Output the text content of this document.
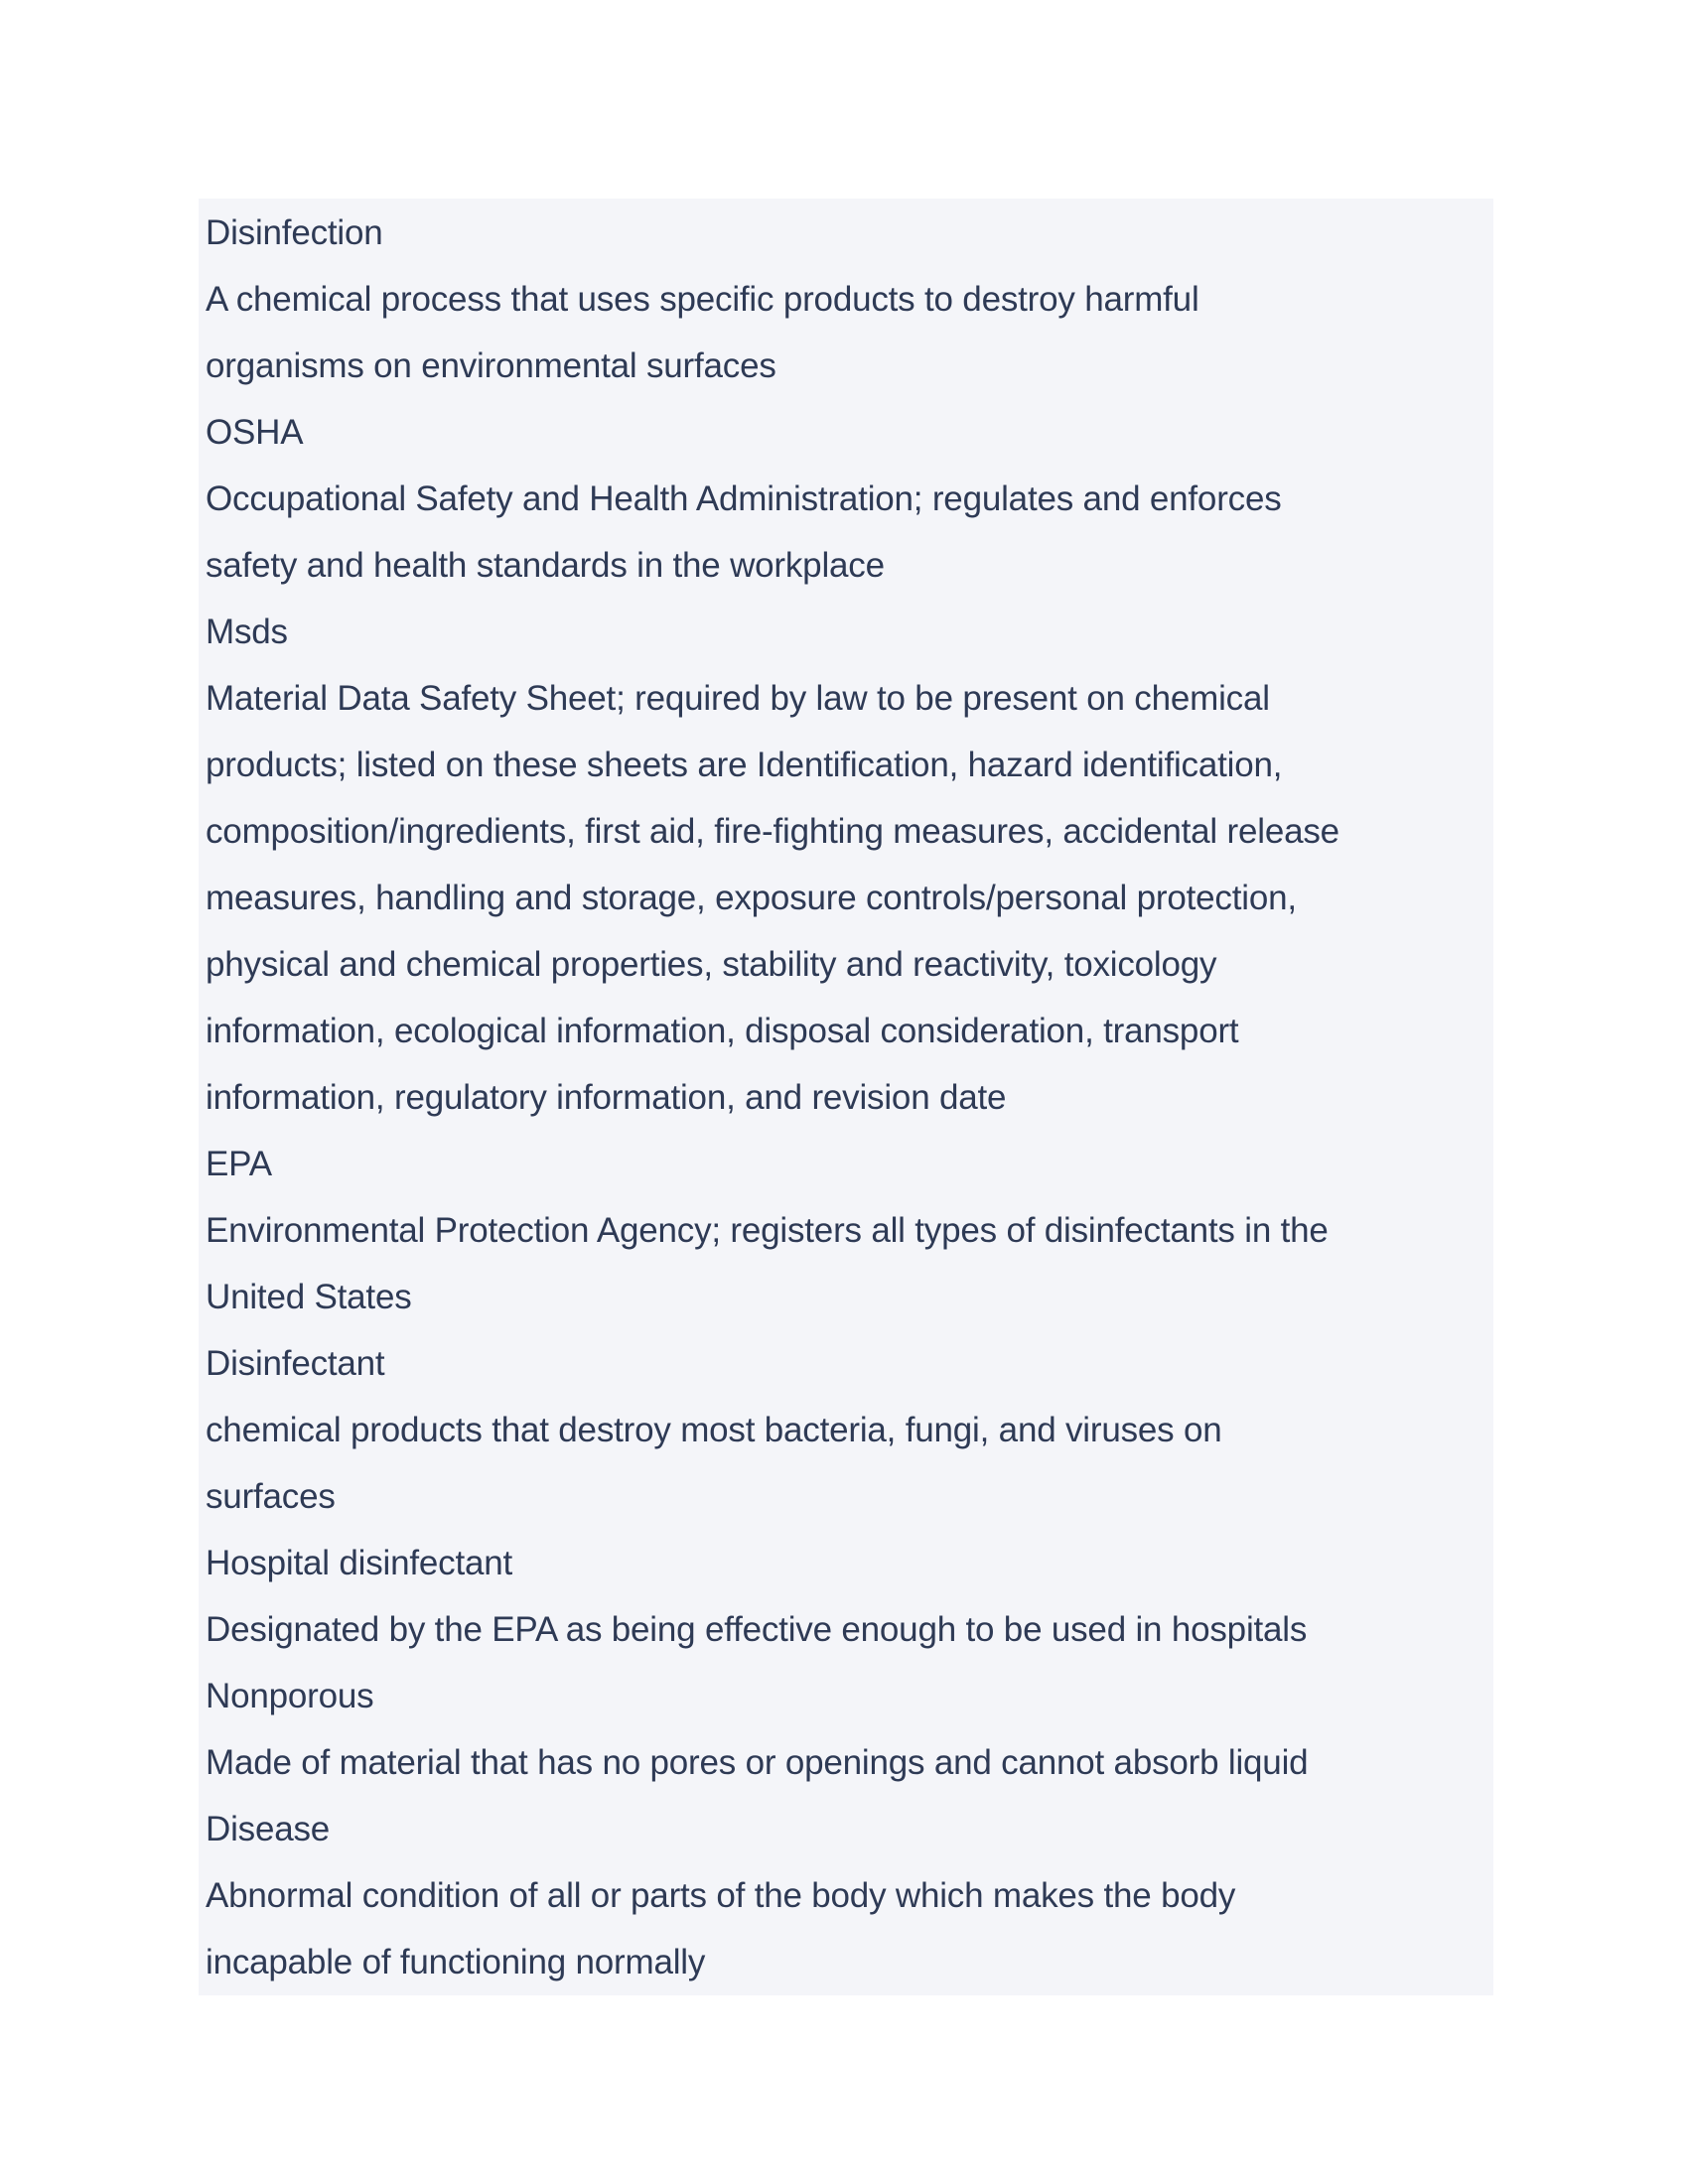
Disinfection
A chemical process that uses specific products to destroy harmful
organisms on environmental surfaces
OSHA
Occupational Safety and Health Administration; regulates and enforces
safety and health standards in the workplace
Msds
Material Data Safety Sheet; required by law to be present on chemical
products; listed on these sheets are Identification, hazard identification,
composition/ingredients, first aid, fire-fighting measures, accidental release
measures, handling and storage, exposure controls/personal protection,
physical and chemical properties, stability and reactivity, toxicology
information, ecological information, disposal consideration, transport
information, regulatory information, and revision date
EPA
Environmental Protection Agency; registers all types of disinfectants in the
United States
Disinfectant
chemical products that destroy most bacteria, fungi, and viruses on
surfaces
Hospital disinfectant
Designated by the EPA as being effective enough to be used in hospitals
Nonporous
Made of material that has no pores or openings and cannot absorb liquid
Disease
Abnormal condition of all or parts of the body which makes the body
incapable of functioning normally
